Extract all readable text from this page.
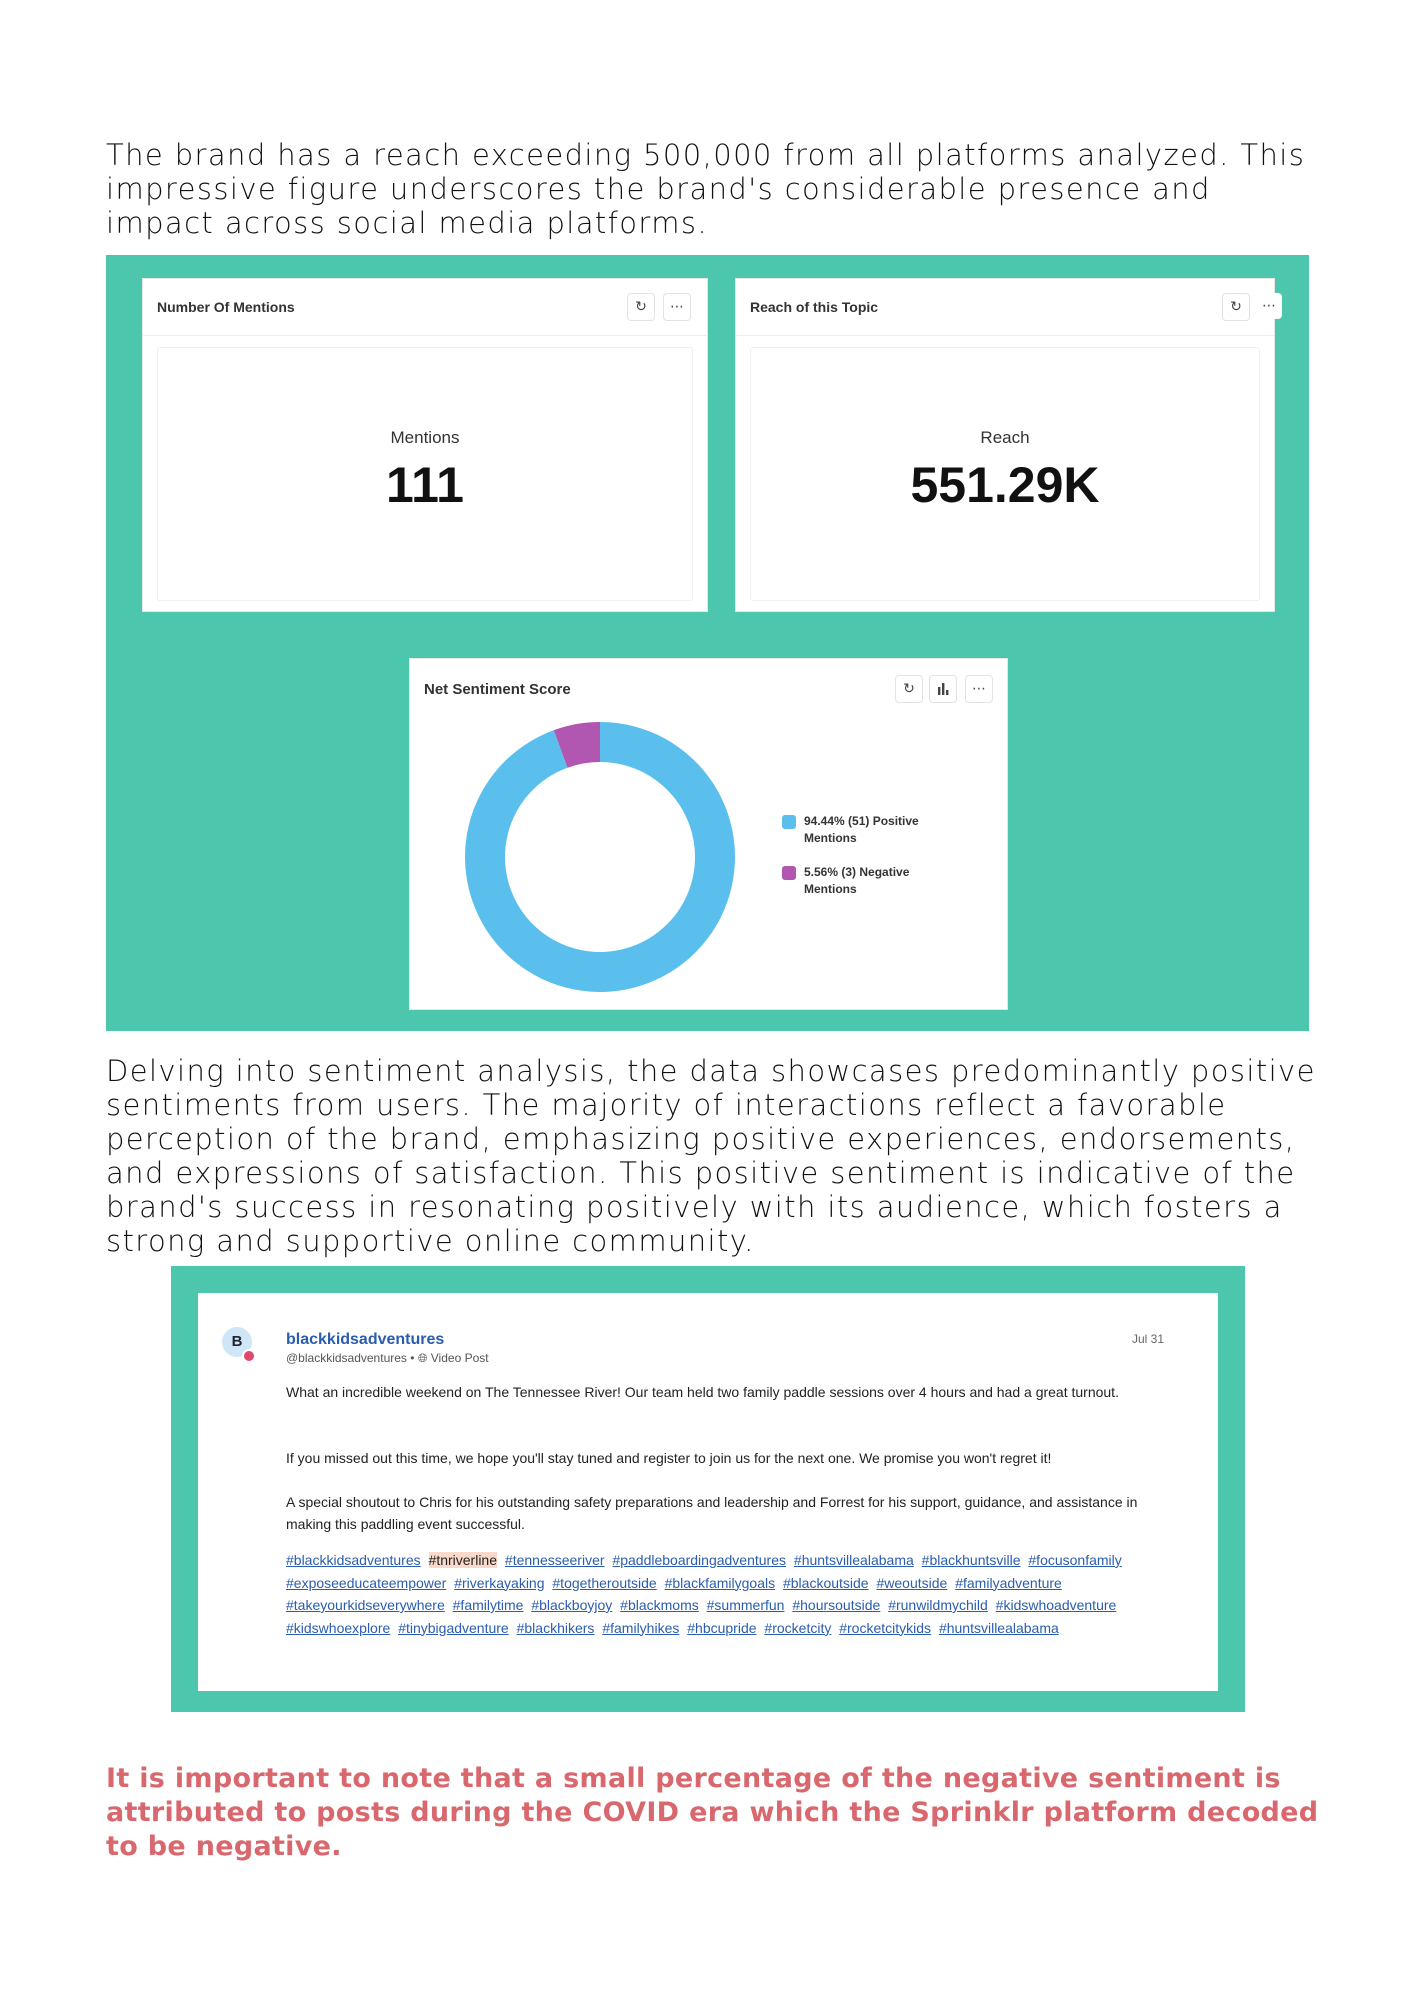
The brand has a reach exceeding 500,000 from all platforms analyzed. This impressive figure underscores the brand's considerable presence and impact across social media platforms.
Number Of Mentions	↻	⋯
Mentions
111
Reach of this Topic	↻	⋯
Reach
551.29K
Net Sentiment Score	↻	⋯
94.44% (51) Positive Mentions
5.56% (3) Negative Mentions
Delving into sentiment analysis, the data showcases predominantly positive sentiments from users. The majority of interactions reflect a favorable perception of the brand, emphasizing positive experiences, endorsements, and expressions of satisfaction. This positive sentiment is indicative of the brand's success in resonating positively with its audience, which fosters a strong and supportive online community.
B	blackkidsadventures
@blackkidsadventures • 🌐︎ Video Post
Jul 31
What an incredible weekend on The Tennessee River! Our team held two family paddle sessions over 4 hours and had a great turnout.
If you missed out this time, we hope you'll stay tuned and register to join us for the next one. We promise you won't regret it!
A special shoutout to Chris for his outstanding safety preparations and leadership and Forrest for his support, guidance, and assistance in making this paddling event successful.
#blackkidsadventures #tnriverline #tennesseeriver #paddleboardingadventures #huntsvillealabama #blackhuntsville #focusonfamily #exposeeducateempower #riverkayaking #togetheroutside #blackfamilygoals #blackoutside #weoutside #familyadventure #takeyourkidseverywhere #familytime #blackboyjoy #blackmoms #summerfun #hoursoutside #runwildmychild #kidswhoadventure #kidswhoexplore #tinybigadventure #blackhikers #familyhikes #hbcupride #rocketcity #rocketcitykids #huntsvillealabama
It is important to note that a small percentage of the negative sentiment is attributed to posts during the COVID era which the Sprinklr platform decoded to be negative.
